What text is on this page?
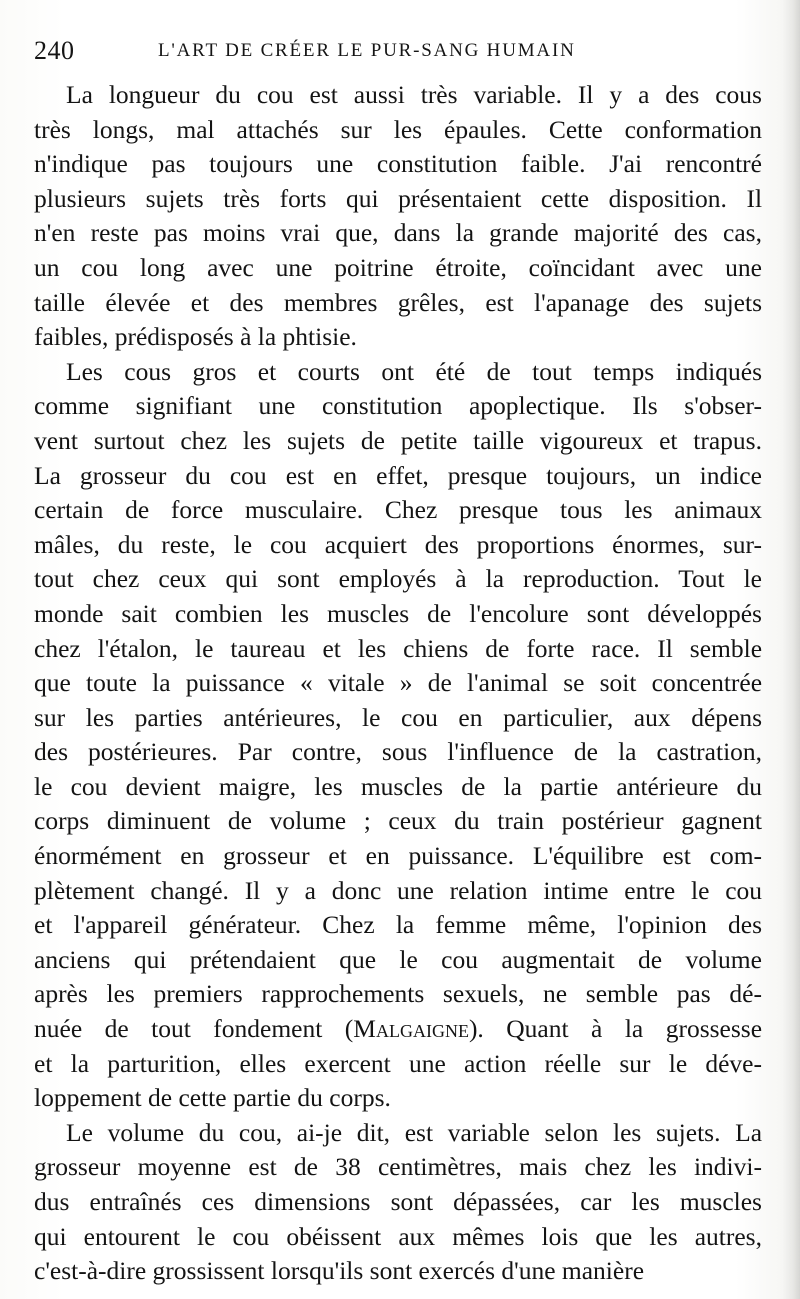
240	L'ART DE CRÉER LE PUR-SANG HUMAIN
La longueur du cou est aussi très variable. Il y a des cous
très longs, mal attachés sur les épaules. Cette conformation
n'indique pas toujours une constitution faible. J'ai rencontré
plusieurs sujets très forts qui présentaient cette disposition. Il
n'en reste pas moins vrai que, dans la grande majorité des cas,
un cou long avec une poitrine étroite, coïncidant avec une
taille élevée et des membres grêles, est l'apanage des sujets
faibles, prédisposés à la phtisie.
Les cous gros et courts ont été de tout temps indiqués
comme signifiant une constitution apoplectique. Ils s'obser-
vent surtout chez les sujets de petite taille vigoureux et trapus.
La grosseur du cou est en effet, presque toujours, un indice
certain de force musculaire. Chez presque tous les animaux
mâles, du reste, le cou acquiert des proportions énormes, sur-
tout chez ceux qui sont employés à la reproduction. Tout le
monde sait combien les muscles de l'encolure sont développés
chez l'étalon, le taureau et les chiens de forte race. Il semble
que toute la puissance « vitale » de l'animal se soit concentrée
sur les parties antérieures, le cou en particulier, aux dépens
des postérieures. Par contre, sous l'influence de la castration,
le cou devient maigre, les muscles de la partie antérieure du
corps diminuent de volume ; ceux du train postérieur gagnent
énormément en grosseur et en puissance. L'équilibre est com-
plètement changé. Il y a donc une relation intime entre le cou
et l'appareil générateur. Chez la femme même, l'opinion des
anciens qui prétendaient que le cou augmentait de volume
après les premiers rapprochements sexuels, ne semble pas dé-
nuée de tout fondement (Malgaigne). Quant à la grossesse
et la parturition, elles exercent une action réelle sur le déve-
loppement de cette partie du corps.
Le volume du cou, ai-je dit, est variable selon les sujets. La
grosseur moyenne est de 38 centimètres, mais chez les indivi-
dus entraînés ces dimensions sont dépassées, car les muscles
qui entourent le cou obéissent aux mêmes lois que les autres,
c'est-à-dire grossissent lorsqu'ils sont exercés d'une manière
